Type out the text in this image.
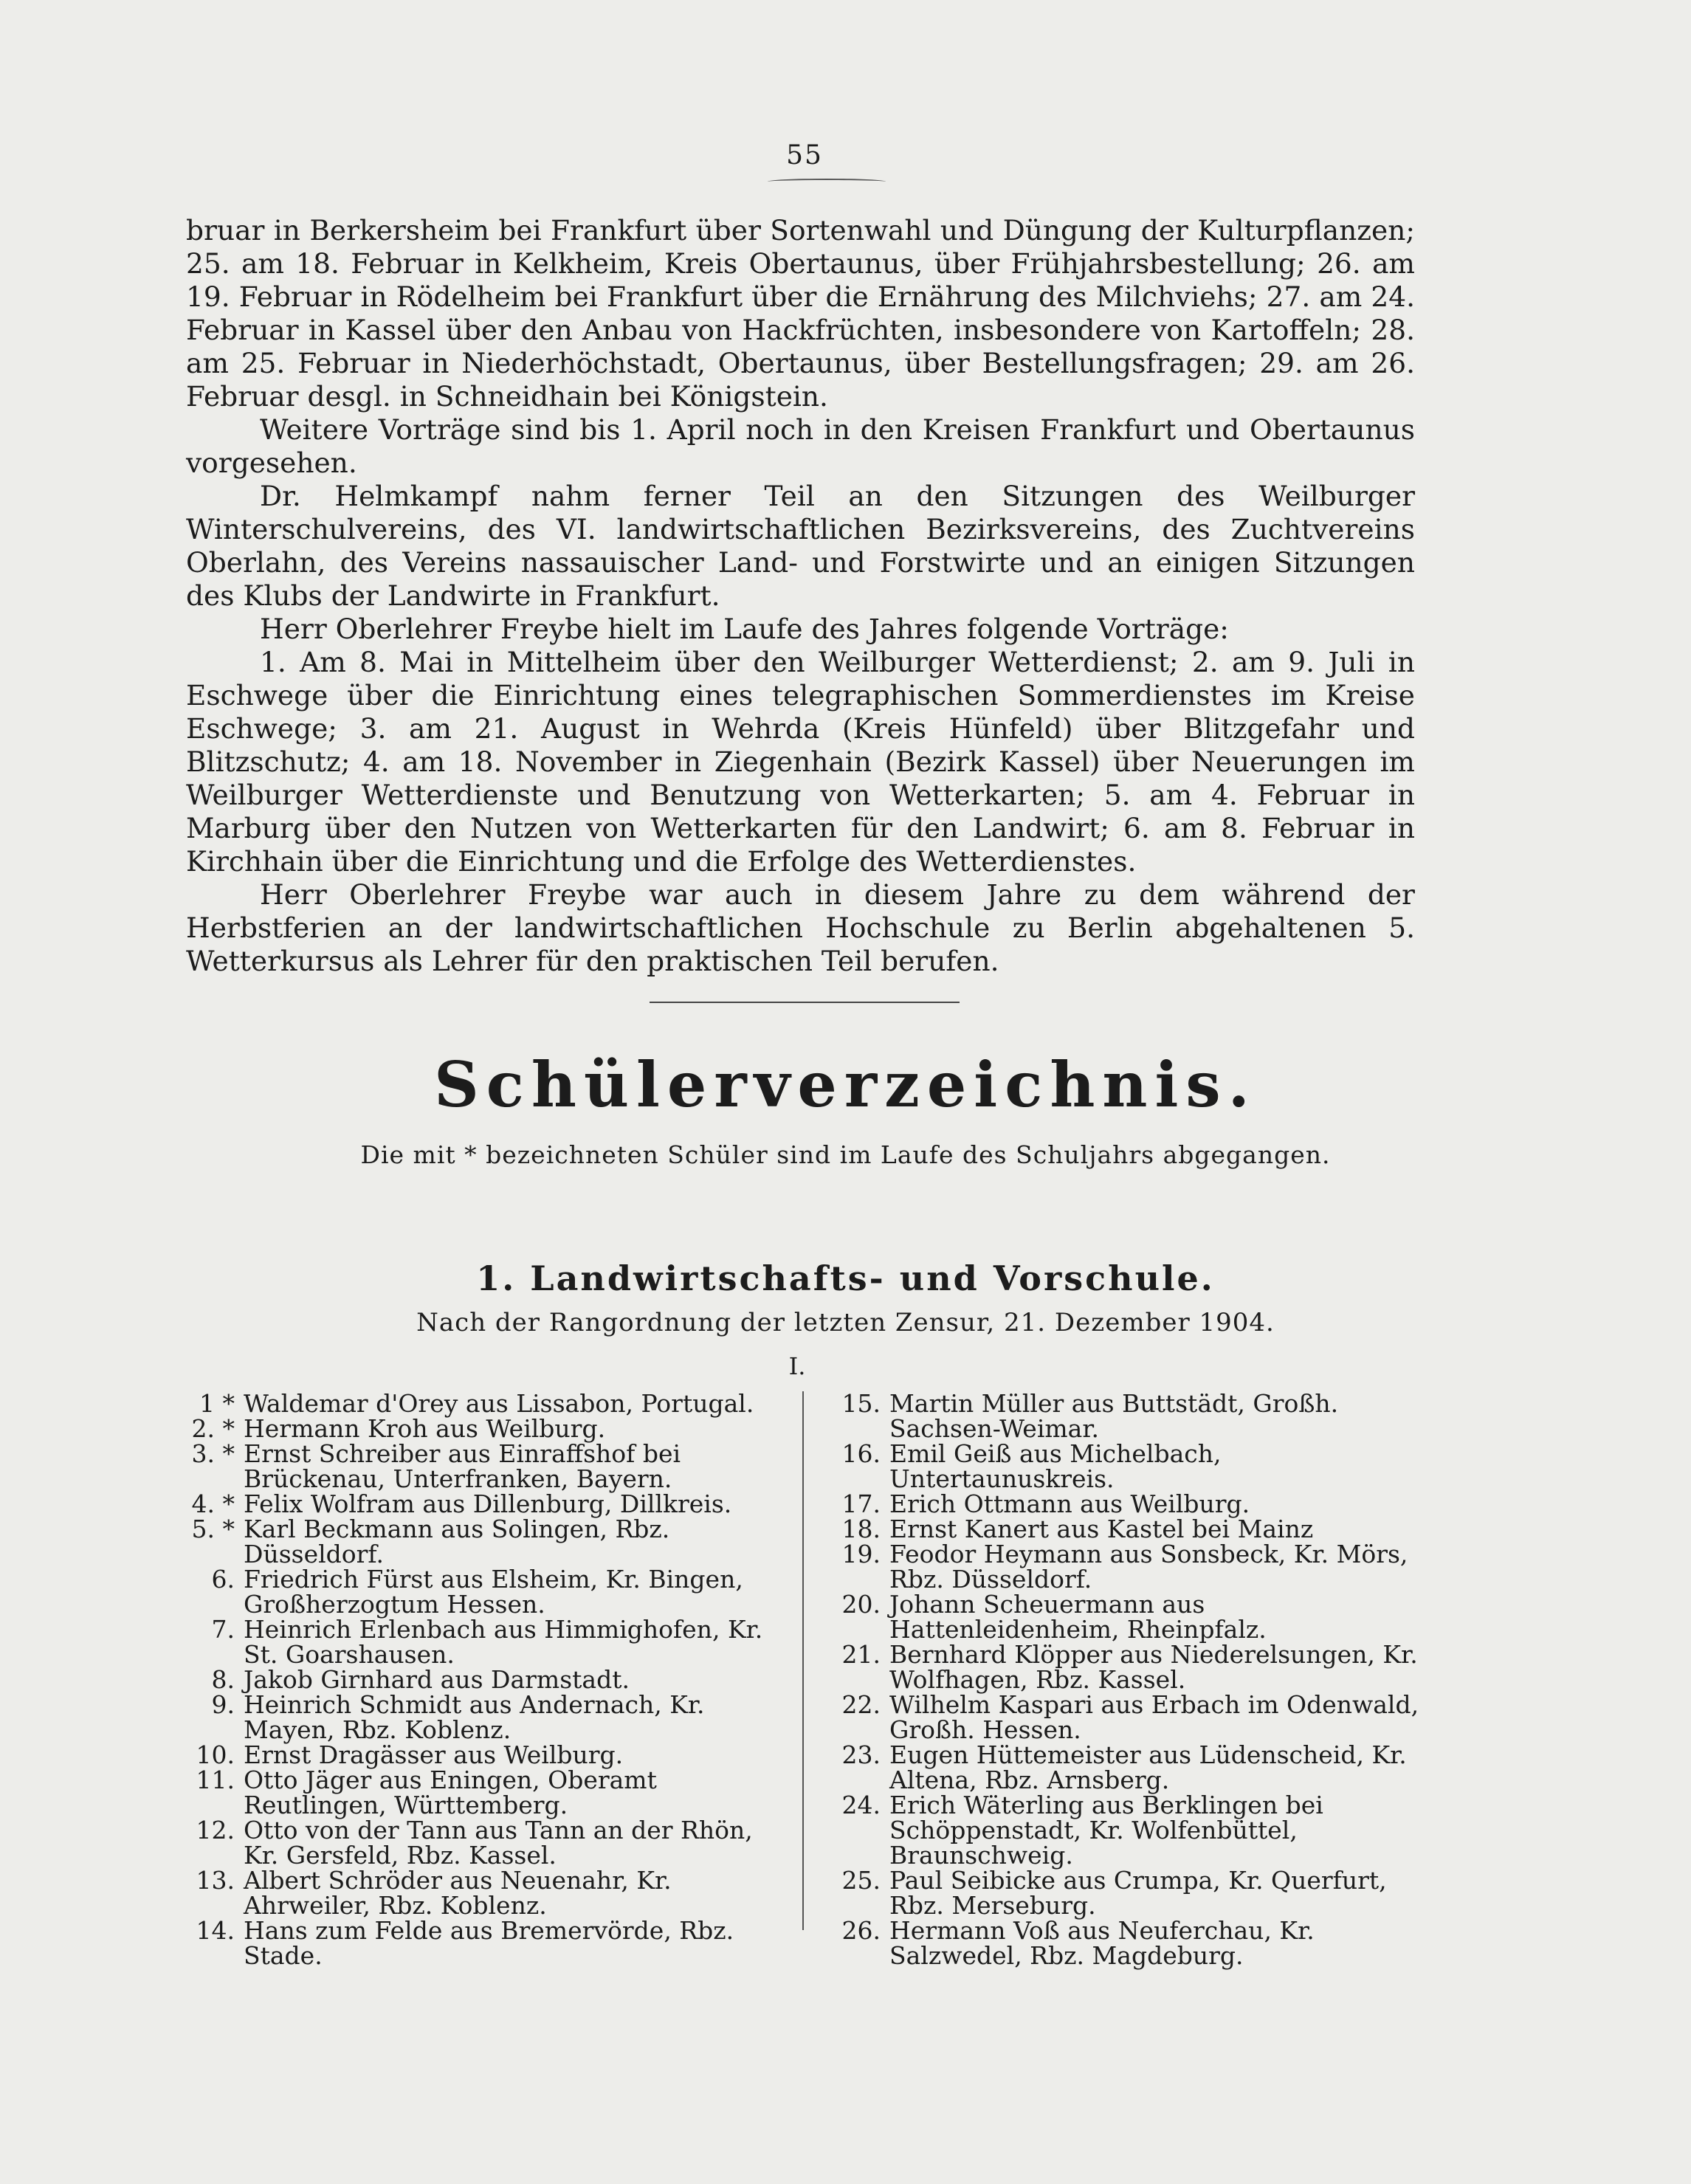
55

bruar in Berkersheim bei Frankfurt über Sortenwahl und Düngung der Kulturpflanzen; 25. am 18. Februar in Kelkheim, Kreis Obertaunus, über Frühjahrsbestellung; 26. am 19. Februar in Rödelheim bei Frankfurt über die Ernährung des Milchviehs; 27. am 24. Februar in Kassel über den Anbau von Hackfrüchten, insbesondere von Kartoffeln; 28. am 25. Februar in Niederhöchstadt, Obertaunus, über Bestellungsfragen; 29. am 26. Februar desgl. in Schneidhain bei Königstein.

Weitere Vorträge sind bis 1. April noch in den Kreisen Frankfurt und Obertaunus vorgesehen.

Dr. Helmkampf nahm ferner Teil an den Sitzungen des Weilburger Winterschulvereins, des VI. landwirtschaftlichen Bezirksvereins, des Zuchtvereins Oberlahn, des Vereins nassauischer Land- und Forstwirte und an einigen Sitzungen des Klubs der Landwirte in Frankfurt.

Herr Oberlehrer Freybe hielt im Laufe des Jahres folgende Vorträge:

1. Am 8. Mai in Mittelheim über den Weilburger Wetterdienst; 2. am 9. Juli in Eschwege über die Einrichtung eines telegraphischen Sommerdienstes im Kreise Eschwege; 3. am 21. August in Wehrda (Kreis Hünfeld) über Blitzgefahr und Blitzschutz; 4. am 18. November in Ziegenhain (Bezirk Kassel) über Neuerungen im Weilburger Wetterdienste und Benutzung von Wetterkarten; 5. am 4. Februar in Marburg über den Nutzen von Wetterkarten für den Landwirt; 6. am 8. Februar in Kirchhain über die Einrichtung und die Erfolge des Wetterdienstes.

Herr Oberlehrer Freybe war auch in diesem Jahre zu dem während der Herbstferien an der landwirtschaftlichen Hochschule zu Berlin abgehaltenen 5. Wetterkursus als Lehrer für den praktischen Teil berufen.

Schülerverzeichnis.
Die mit * bezeichneten Schüler sind im Laufe des Schuljahrs abgegangen.
1. Landwirtschafts- und Vorschule.
Nach der Rangordnung der letzten Zensur, 21. Dezember 1904.
I.
1 * Waldemar d'Orey aus Lissabon, Portugal.
2. * Hermann Kroh aus Weilburg.
3. * Ernst Schreiber aus Einraffshof bei Brückenau, Unterfranken, Bayern.
4. * Felix Wolfram aus Dillenburg, Dillkreis.
5. * Karl Beckmann aus Solingen, Rbz. Düsseldorf.
6. Friedrich Fürst aus Elsheim, Kr. Bingen, Großherzogtum Hessen.
7. Heinrich Erlenbach aus Himmighofen, Kr. St. Goarshausen.
8. Jakob Girnhard aus Darmstadt.
9. Heinrich Schmidt aus Andernach, Kr. Mayen, Rbz. Koblenz.
10. Ernst Dragässer aus Weilburg.
11. Otto Jäger aus Eningen, Oberamt Reutlingen, Württemberg.
12. Otto von der Tann aus Tann an der Rhön, Kr. Gersfeld, Rbz. Kassel.
13. Albert Schröder aus Neuenahr, Kr. Ahrweiler, Rbz. Koblenz.
14. Hans zum Felde aus Bremervörde, Rbz. Stade.
15. Martin Müller aus Buttstädt, Großh. Sachsen-Weimar.
16. Emil Geiß aus Michelbach, Untertaunuskreis.
17. Erich Ottmann aus Weilburg.
18. Ernst Kanert aus Kastel bei Mainz
19. Feodor Heymann aus Sonsbeck, Kr. Mörs, Rbz. Düsseldorf.
20. Johann Scheuermann aus Hattenleidenheim, Rheinpfalz.
21. Bernhard Klöpper aus Niederelsungen, Kr. Wolfhagen, Rbz. Kassel.
22. Wilhelm Kaspari aus Erbach im Odenwald, Großh. Hessen.
23. Eugen Hüttemeister aus Lüdenscheid, Kr. Altena, Rbz. Arnsberg.
24. Erich Wäterling aus Berklingen bei Schöppenstadt, Kr. Wolfenbüttel, Braunschweig.
25. Paul Seibicke aus Crumpa, Kr. Querfurt, Rbz. Merseburg.
26. Hermann Voß aus Neuferchau, Kr. Salzwedel, Rbz. Magdeburg.
